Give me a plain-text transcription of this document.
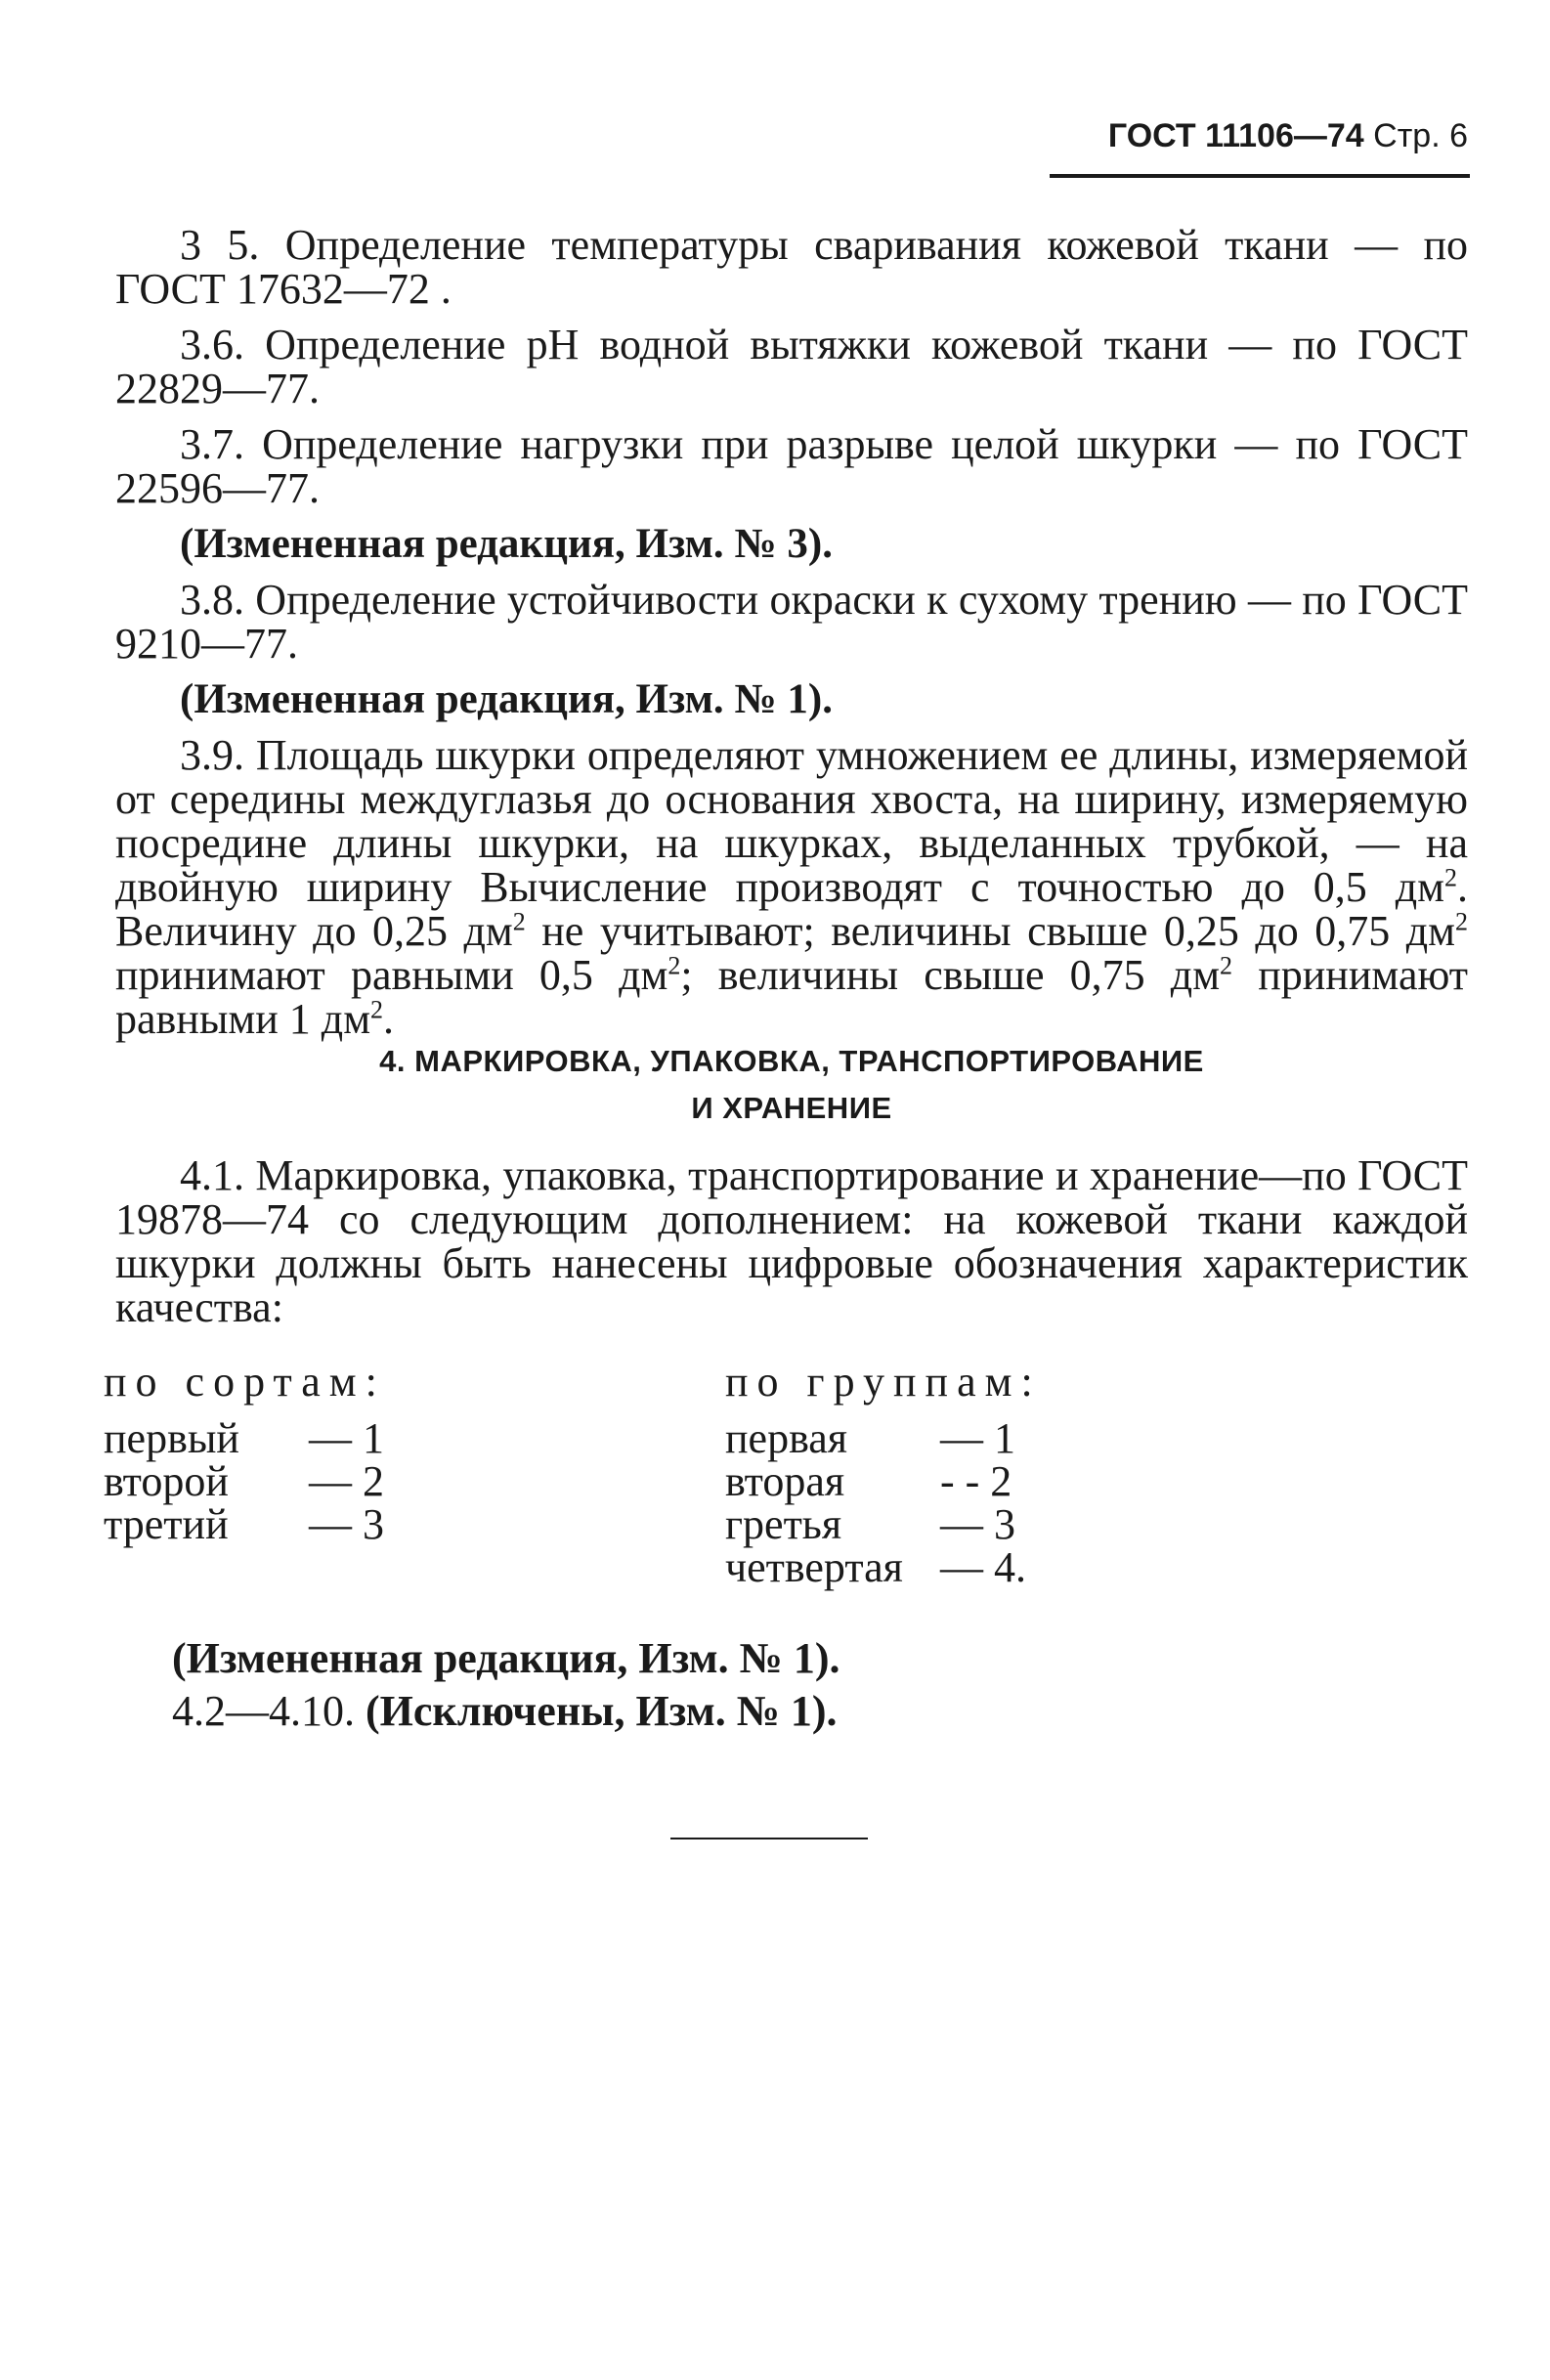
ГОСТ 11106—74 Стр. 6

3 5. Определение температуры сваривания кожевой ткани — по ГОСТ 17632—72 .

3.6. Определение рН водной вытяжки кожевой ткани — по ГОСТ 22829—77.

3.7. Определение нагрузки при разрыве целой шкурки — по ГОСТ 22596—77.

(Измененная редакция, Изм. № 3).

3.8. Определение устойчивости окраски к сухому трению — по ГОСТ 9210—77.

(Измененная редакция, Изм. № 1).

3.9. Площадь шкурки определяют умножением ее длины, измеряемой от середины междуглазья до основания хвоста, на ширину, измеряемую посредине длины шкурки, на шкурках, выделанных трубкой, — на двойную ширину Вычисление производят с точностью до 0,5 $дм^2$. Величину до 0,25 $дм^2$ не учитывают; величины свыше 0,25 до 0,75 $дм^2$ принимают равными 0,5 $дм^2$; величины свыше 0,75 $дм^2$ принимают равными 1 $дм^2$.

4. МАРКИРОВКА, УПАКОВКА, ТРАНСПОРТИРОВАНИЕ
И ХРАНЕНИЕ

4.1. Маркировка, упаковка, транспортирование и хранение—по ГОСТ 19878—74 со следующим дополнением: на кожевой ткани каждой шкурки должны быть нанесены цифровые обозначения характеристик качества:

по сортам:
первый	— 1
второй	— 2
третий	— 3
по группам:
первая	— 1
вторая	- - 2
гретья	— 3
четвертая — 4.
(Измененная редакция, Изм. № 1).
4.2—4.10. (Исключены, Изм. № 1).
